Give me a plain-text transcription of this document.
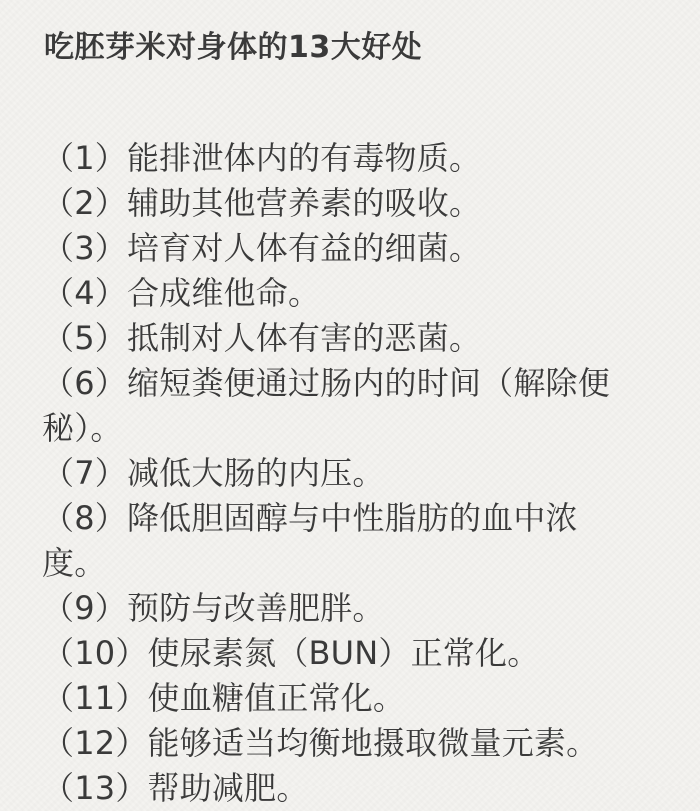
吃胚芽米对身体的13大好处
（1）能排泄体内的有毒物质。
（2）辅助其他营养素的吸收。
（3）培育对人体有益的细菌。
（4）合成维他命。
（5）抵制对人体有害的恶菌。
（6）缩短粪便通过肠内的时间（解除便秘）。
（7）减低大肠的内压。
（8）降低胆固醇与中性脂肪的血中浓度。
（9）预防与改善肥胖。
（10）使尿素氮（BUN）正常化。
（11）使血糖值正常化。
（12）能够适当均衡地摄取微量元素。
（13）帮助减肥。
